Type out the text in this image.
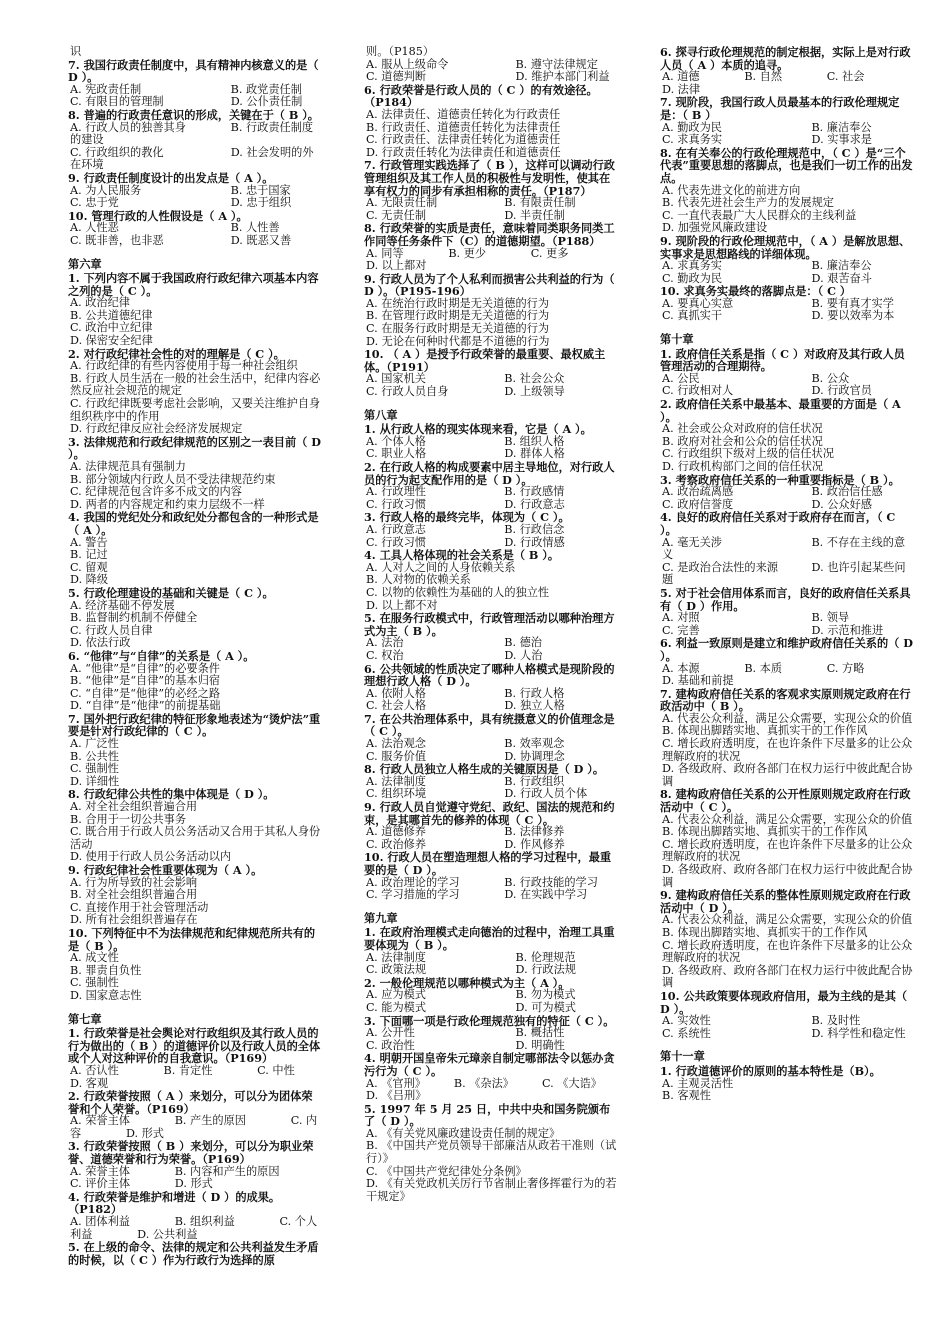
识
7. 我国行政责任制度中，具有精神内核意义的是（ D ）。
A. 宪政责任制　　　　　　　　B. 政党责任制
C. 有限目的管理制　　　　　　D. 公仆责任制
8. 普遍的行政责任意识的形成，关键在于（ B ）。
A. 行政人员的独善其身　　　　B. 行政责任制度的建设
C. 行政组织的教化　　　　　　D. 社会发明的外在环境
9. 行政责任制度设计的出发点是（ A ）。
A. 为人民服务　　　　　　　　B. 忠于国家
C. 忠于党　　　　　　　　　　D. 忠于组织
10. 管理行政的人性假设是（ A ）。
A. 人性恶　　　　　　　　　　B. 人性善
C. 既非善，也非恶　　　　　　D. 既恶又善
第六章
1. 下列内容不属于我国政府行政纪律六项基本内容之列的是（ C ）。
A. 政治纪律
B. 公共道德纪律
C. 政治中立纪律
D. 保密安全纪律
2. 对行政纪律社会性的对的理解是（ C ）。
A. 行政纪律的有些内容使用于每一种社会组织
B. 行政人员生活在一般的社会生活中，纪律内容必然反应社会规范的规定
C. 行政纪律既要考虑社会影响，又要关注维护自身组织秩序中的作用
D. 行政纪律反应社会经济发展规定
3. 法律规范和行政纪律规范的区别之一表目前（ D ）。
A. 法律规范具有强制力
B. 部分领域内行政人员不受法律规范约束
C. 纪律规范包含许多不成文的内容
D. 两者的内容规定和约束力层级不一样
4. 我国的党纪处分和政纪处分都包含的一种形式是（ A ）。
A. 警告
B. 记过
C. 留观
D. 降级
5. 行政伦理建设的基础和关键是（ C ）。
A. 经济基础不停发展
B. 监督制约机制不停健全
C. 行政人员自律
D. 依法行政
6. “他律”与“自律”的关系是（ A ）。
A. “他律”是“自律”的必要条件
B. “他律”是“自律”的基本归宿
C. “自律”是“他律”的必经之路
D. “自律”是“他律”的前提基础
7. 国外把行政纪律的特征形象地表述为“烫炉法”重要是针对行政纪律的（ C ）。
A. 广泛性
B. 公共性
C. 强制性
D. 详细性
8. 行政纪律公共性的集中体现是（ D ）。
A. 对全社会组织普遍合用
B. 合用于一切公共事务
C. 既合用于行政人员公务活动又合用于其私人身份活动
D. 使用于行政人员公务活动以内
9. 行政纪律社会性重要体现为（ A ）。
A. 行为所导致的社会影响
B. 对全社会组织普遍合用
C. 直接作用于社会管理活动
D. 所有社会组织普遍存在
10. 下列特征中不为法律规范和纪律规范所共有的是（ B ）。
A. 成文性
B. 罪责自负性
C. 强制性
D. 国家意志性
第七章
1. 行政荣誉是社会舆论对行政组织及其行政人员的行为做出的（ B ）的道德评价以及行政人员的全体或个人对这种评价的自我意识。（P169）
A. 否认性　　　　B. 肯定性　　　　C. 中性　　　　D. 客观
2. 行政荣誉按照（ A ）来划分，可以分为团体荣誉和个人荣誉。（P169）
A. 荣誉主体　　　　B. 产生的原因　　　　C. 内容　　　　D. 形式
3. 行政荣誉按照（ B ）来划分，可以分为职业荣誉、道德荣誉和行为荣誉。（P169）
A. 荣誉主体　　　　B. 内容和产生的原因　　　　C. 评价主体　　　　D. 形式
4. 行政荣誉是维护和增进（ D ）的成果。（P182）
A. 团体利益　　　　B. 组织利益　　　　C. 个人利益　　　　D. 公共利益
5. 在上级的命令、法律的规定和公共利益发生矛盾的时候，以（ C ）作为行政行为选择的原
则。（P185）
A. 服从上级命令　　　　　　B. 遵守法律规定
C. 道德判断　　　　　　　　D. 维护本部门利益
6. 行政荣誉是行政人员的（ C ）的有效途径。（P184）
A. 法律责任、道德责任转化为行政责任
B. 行政责任、道德责任转化为法律责任
C. 行政责任、法律责任转化为道德责任
D. 行政责任转化为法律责任和道德责任
7. 行政管理实践选择了（ B ），这样可以调动行政管理组织及其工作人员的积极性与发明性，使其在享有权力的同步有承担相称的责任。（P187）
A. 无限责任制　　　　　　B. 有限责任制
C. 无责任制　　　　　　　D. 半责任制
8. 行政荣誉的实质是责任，意味着同类职务同类工作同等任务条件下（C）的道德期望。（P188）
A. 同等　　　　B. 更少　　　　C. 更多　　　　D. 以上都对
9. 行政人员为了个人私利而损害公共利益的行为（ D ）。（P195-196）
A. 在统治行政时期是无关道德的行为
B. 在管理行政时期是无关道德的行为
C. 在服务行政时期是无关道德的行为
D. 无论在何种时代都是不道德的行为
10. （ A ）是授予行政荣誉的最重要、最权威主体。（P191）
A. 国家机关　　　　　　　B. 社会公众
C. 行政人员自身　　　　　D. 上级领导
第八章
1. 从行政人格的现实体现来看，它是（ A ）。
A. 个体人格　　　　　　　B. 组织人格
C. 职业人格　　　　　　　D. 群体人格
2. 在行政人格的构成要素中居主导地位，对行政人员的行为起支配作用的是（ D ）。
A. 行政理性　　　　　　　B. 行政感情
C. 行政习惯　　　　　　　D. 行政意志
3. 行政人格的最终完毕，体现为（ C ）。
A. 行政意志　　　　　　　B. 行政信念
C. 行政习惯　　　　　　　D. 行政情感
4. 工具人格体现的社会关系是（ B ）。
A. 人对人之间的人身依赖关系
B. 人对物的依赖关系
C. 以物的依赖性为基础的人的独立性
D. 以上都不对
5. 在服务行政模式中，行政管理活动以哪种治理方式为主（ B ）。
A. 法治　　　　　　　　　B. 德治
C. 权治　　　　　　　　　D. 人治
6. 公共领域的性质决定了哪种人格模式是现阶段的理想行政人格（ D ）。
A. 依附人格　　　　　　　B. 行政人格
C. 社会人格　　　　　　　D. 独立人格
7. 在公共治理体系中，具有统摄意义的价值理念是（ C ）。
A. 法治观念　　　　　　　B. 效率观念
C. 服务价值　　　　　　　D. 协调理念
8. 行政人员独立人格生成的关键原因是（ D ）。
A. 法律制度　　　　　　　B. 行政组织
C. 组织环境　　　　　　　D. 行政人员个体
9. 行政人员自觉遵守党纪、政纪、国法的规范和约束，是其哪首先的修养的体现（ C ）。
A. 道德修养　　　　　　　B. 法律修养
C. 政治修养　　　　　　　D. 作风修养
10. 行政人员在塑造理想人格的学习过程中，最重要的是（ D ）。
A. 政治理论的学习　　　　B. 行政技能的学习
C. 学习措施的学习　　　　D. 在实践中学习
第九章
1. 在政府治理模式走向德治的过程中，治理工具重要体现为（ B ）。
A. 法律制度　　　　　　　　B. 伦理规范
C. 政策法规　　　　　　　　D. 行政法规
2. 一般伦理规范以哪种模式为主（ A ）。
A. 应为模式　　　　　　　　B. 勿为模式
C. 能为模式　　　　　　　　D. 可为模式
3. 下面哪一项是行政伦理规范独有的特征（ C ）。
A. 公开性　　　　　　　　　B. 概括性
C. 政治性　　　　　　　　　D. 明确性
4. 明朝开国皇帝朱元璋亲自制定哪部法令以惩办贪污行为（ C ）。
A. 《官刑》　　　B. 《杂法》　　　C. 《大诰》　　　D. 《吕刑》
5. 1997 年 5 月 25 日，中共中央和国务院颁布了（ D ）。
A. 《有关党风廉政建设责任制的规定》
B. 《中国共产党员领导干部廉洁从政若干准则（试行）》
C. 《中国共产党纪律处分条例》
D. 《有关党政机关厉行节省制止奢侈挥霍行为的若干规定》
6. 探寻行政伦理规范的制定根据，实际上是对行政人员（ A ）本质的追寻。
A. 道德　　　　B. 自然　　　　C. 社会　　　　D. 法律
7. 现阶段，我国行政人员最基本的行政伦理规定是：（ B ）
A. 勤政为民　　　　　　　　B. 廉洁奉公
C. 求真务实　　　　　　　　D. 实事求是
8. 在有关奉公的行政伦理规范中，（ C ）是“三个代表”重要思想的落脚点，也是我们一切工作的出发点。
A. 代表先进文化的前进方向
B. 代表先进社会生产力的发展规定
C. 一直代表最广大人民群众的主线利益
D. 加强党风廉政建设
9. 现阶段的行政伦理规范中，（ A ）是解放思想、实事求是思想路线的详细体现。
A. 求真务实　　　　　　　　B. 廉洁奉公
C. 勤政为民　　　　　　　　D. 艰苦奋斗
10. 求真务实最终的落脚点是：（ C ）
A. 要真心实意　　　　　　　B. 要有真才实学
C. 真抓实干　　　　　　　　D. 要以效率为本
第十章
1. 政府信任关系是指（ C ）对政府及其行政人员管理活动的合理期待。
A. 公民　　　　　　　　　　B. 公众
C. 行政相对人　　　　　　　D. 行政官员
2. 政府信任关系中最基本、最重要的方面是（ A ）。
A. 社会或公众对政府的信任状况
B. 政府对社会和公众的信任状况
C. 行政组织下级对上级的信任状况
D. 行政机构部门之间的信任状况
3. 考察政府信任关系的一种重要指标是（ B ）。
A. 政治疏离感　　　　　　　B. 政治信任感
C. 政府信誉度　　　　　　　D. 公众好感
4. 良好的政府信任关系对于政府存在而言，（ C ）。
A. 毫无关涉　　　　　　　　B. 不存在主线的意义
C. 是政治合法性的来源　　　D. 也许引起某些问题
5. 对于社会信用体系而言，良好的政府信任关系具有（ D ）作用。
A. 对照　　　　　　　　　　B. 领导
C. 完善　　　　　　　　　　D. 示范和推进
6. 利益一致原则是建立和维护政府信任关系的（ D ）。
A. 本源　　　　B. 本质　　　　C. 方略　　　　D. 基础和前提
7. 建构政府信任关系的客观求实原则规定政府在行政活动中（ B ）。
A. 代表公众利益，满足公众需要，实现公众的价值
B. 体现出脚踏实地、真抓实干的工作作风
C. 增长政府透明度，在也许条件下尽量多的让公众理解政府的状况
D. 各级政府、政府各部门在权力运行中彼此配合协调
8. 建构政府信任关系的公开性原则规定政府在行政活动中（ C ）。
A. 代表公众利益，满足公众需要，实现公众的价值
B. 体现出脚踏实地、真抓实干的工作作风
C. 增长政府透明度，在也许条件下尽量多的让公众理解政府的状况
D. 各级政府、政府各部门在权力运行中彼此配合协调
9. 建构政府信任关系的整体性原则规定政府在行政活动中（ D ）。
A. 代表公众利益，满足公众需要，实现公众的价值
B. 体现出脚踏实地、真抓实干的工作作风
C. 增长政府透明度，在也许条件下尽量多的让公众理解政府的状况
D. 各级政府、政府各部门在权力运行中彼此配合协调
10. 公共政策要体现政府信用，最为主线的是其（ D ）。
A. 实效性　　　　　　　　　B. 及时性
C. 系统性　　　　　　　　　D. 科学性和稳定性
第十一章
1. 行政道德评价的原则的基本特性是（B）。
A. 主观灵活性
B. 客观性
